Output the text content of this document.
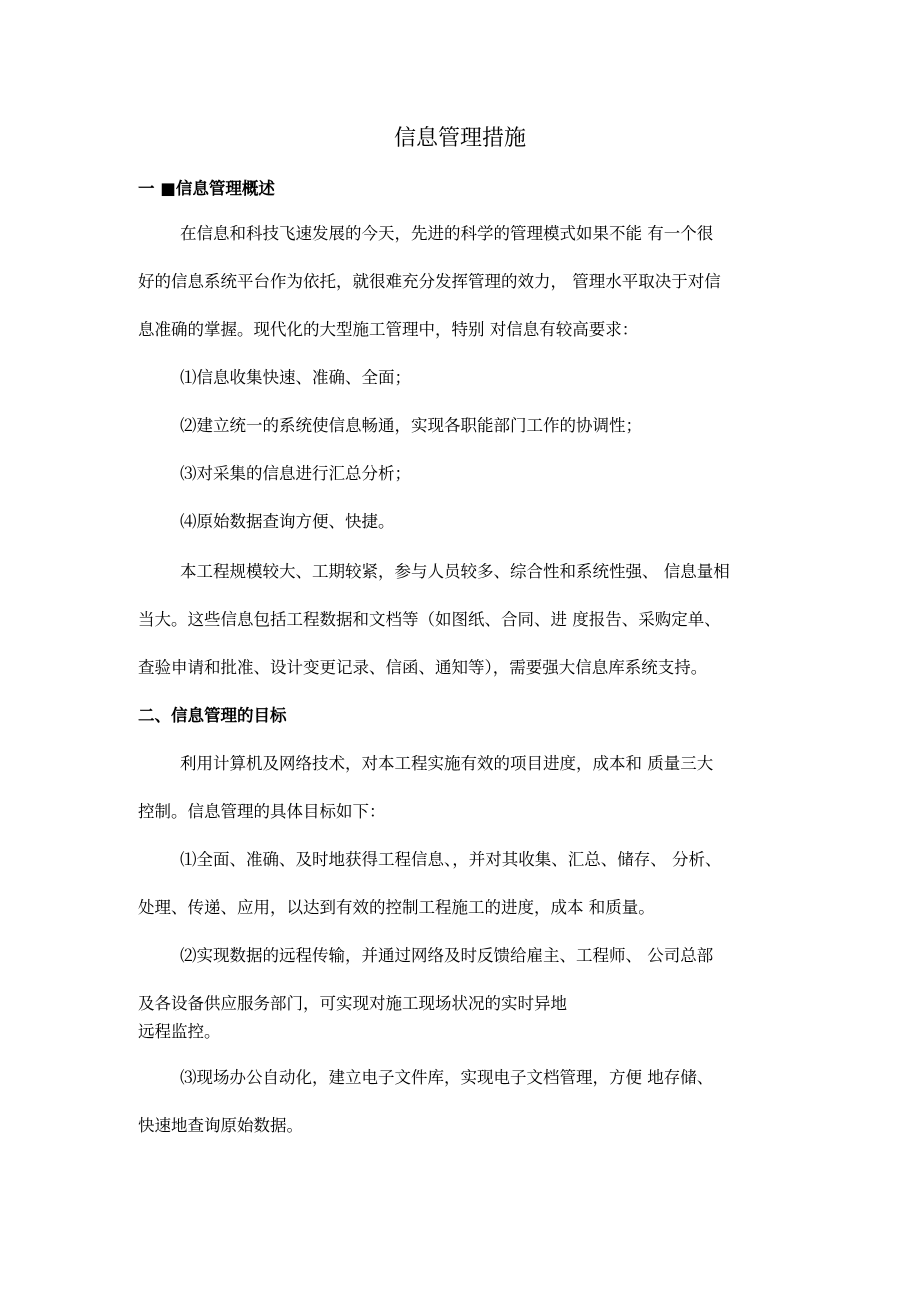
信息管理措施
一 ■信息管理概述
在信息和科技飞速发展的今天，先进的科学的管理模式如果不能 有一个很
好的信息系统平台作为依托，就很难充分发挥管理的效力， 管理水平取决于对信
息准确的掌握。现代化的大型施工管理中，特别 对信息有较高要求：
⑴信息收集快速、准确、全面；
⑵建立统一的系统使信息畅通，实现各职能部门工作的协调性；
⑶对采集的信息进行汇总分析；
⑷原始数据查询方便、快捷。
本工程规模较大、工期较紧，参与人员较多、综合性和系统性强、 信息量相
当大。这些信息包括工程数据和文档等（如图纸、合同、进 度报告、采购定单、
查验申请和批准、设计变更记录、信函、通知等），需要强大信息库系统支持。
二、信息管理的目标
利用计算机及网络技术，对本工程实施有效的项目进度，成本和 质量三大
控制。信息管理的具体目标如下：
⑴全面、准确、及时地获得工程信息、，并对其收集、汇总、储存、 分析、
处理、传递、应用，以达到有效的控制工程施工的进度，成本 和质量。
⑵实现数据的远程传输，并通过网络及时反馈给雇主、工程师、 公司总部
及各设备供应服务部门，可实现对施工现场状况的实时异地
远程监控。
⑶现场办公自动化，建立电子文件库，实现电子文档管理，方便 地存储、
快速地查询原始数据。
